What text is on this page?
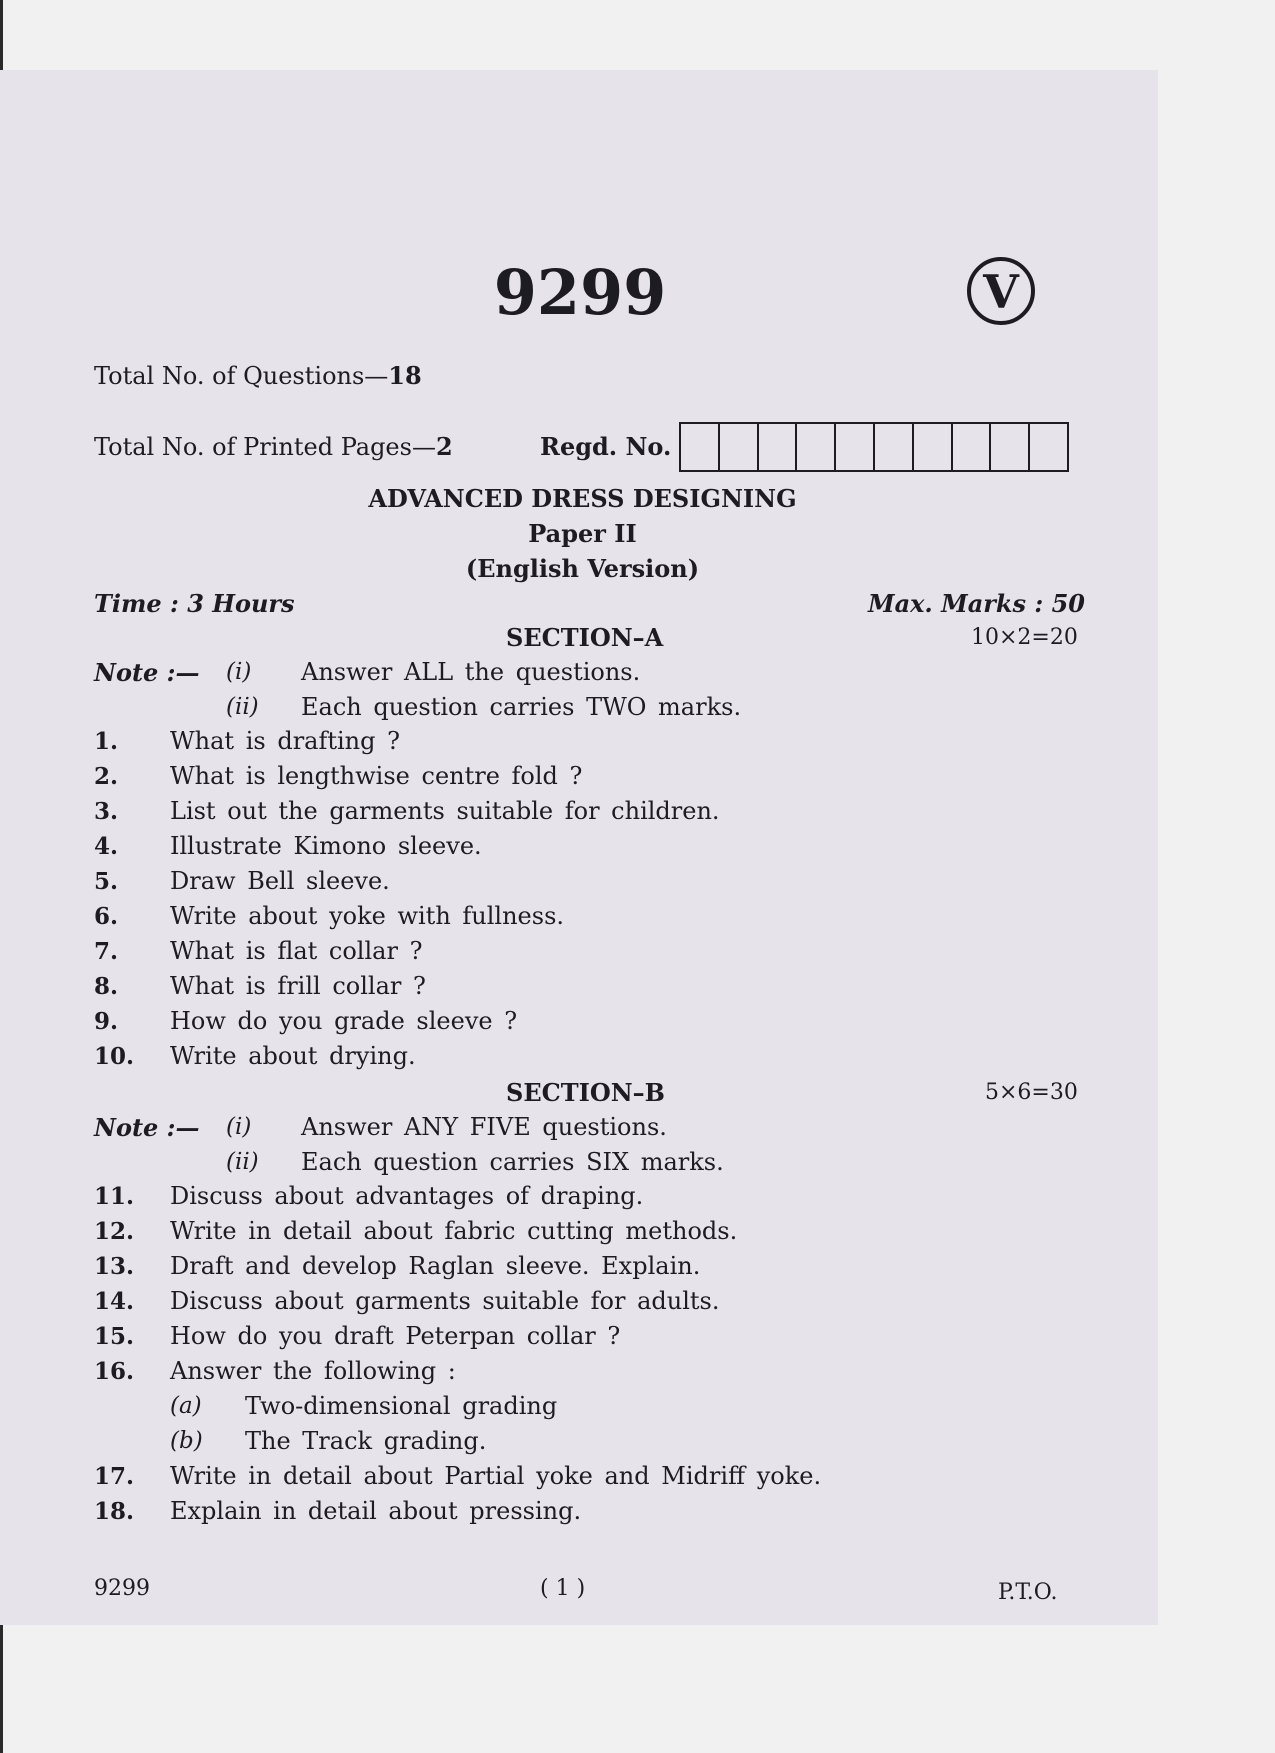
9299	V
Total No. of Questions—18
Total No. of Printed Pages—2	Regd. No.
ADVANCED DRESS DESIGNING
Paper II
(English Version)
Time : 3 Hours	Max. Marks : 50
SECTION–A	10×2=20
Note :— (i) Answer ALL the questions.
(ii) Each question carries TWO marks.
1. What is drafting ?
2. What is lengthwise centre fold ?
3. List out the garments suitable for children.
4. Illustrate Kimono sleeve.
5. Draw Bell sleeve.
6. Write about yoke with fullness.
7. What is flat collar ?
8. What is frill collar ?
9. How do you grade sleeve ?
10. Write about drying.
SECTION–B	5×6=30
Note :— (i) Answer ANY FIVE questions.
(ii) Each question carries SIX marks.
11. Discuss about advantages of draping.
12. Write in detail about fabric cutting methods.
13. Draft and develop Raglan sleeve. Explain.
14. Discuss about garments suitable for adults.
15. How do you draft Peterpan collar ?
16. Answer the following :
(a) Two-dimensional grading
(b) The Track grading.
17. Write in detail about Partial yoke and Midriff yoke.
18. Explain in detail about pressing.
9299	( 1 )	P.T.O.
